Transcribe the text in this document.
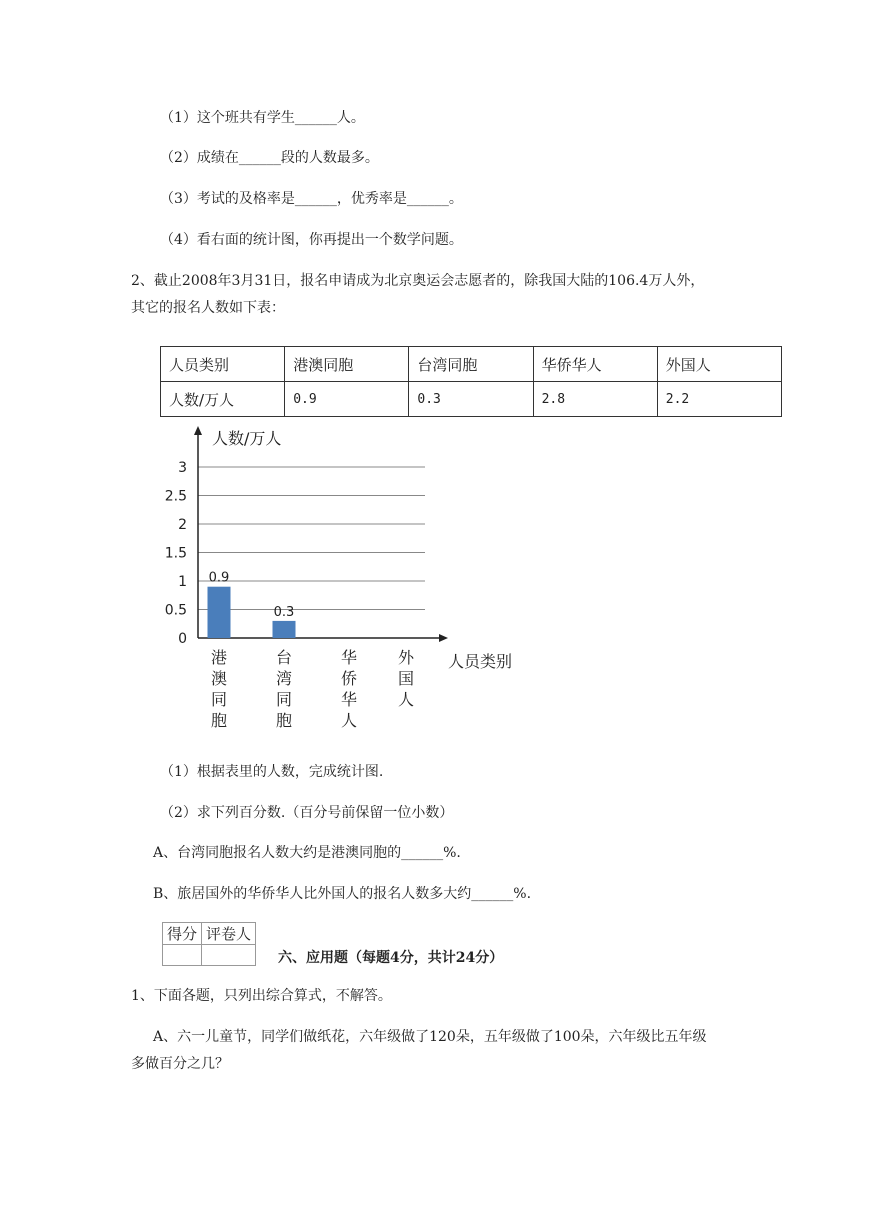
（1）这个班共有学生______人。
（2）成绩在______段的人数最多。
（3）考试的及格率是______，优秀率是______。
（4）看右面的统计图，你再提出一个数学问题。
2、截止2008年3月31日，报名申请成为北京奥运会志愿者的，除我国大陆的106.4万人外，
其它的报名人数如下表：
人员类别	港澳同胞	台湾同胞	华侨华人	外国人
人数/万人	0.9	0.3	2.8	2.2
0
0.5
1
1.5
2
2.5
3
0.9
0.3
港
澳
同
胞
台
湾
同
胞
华
侨
华
人
外
国
人
人数/万人
人员类别
（1）根据表里的人数，完成统计图.
（2）求下列百分数.（百分号前保留一位小数）
A、台湾同胞报名人数大约是港澳同胞的______%.
B、旅居国外的华侨华人比外国人的报名人数多大约______%.
得分	评卷人

六、应用题（每题4分，共计24分）
1、下面各题，只列出综合算式，不解答。
A、六一儿童节，同学们做纸花，六年级做了120朵，五年级做了100朵，六年级比五年级
多做百分之几？
